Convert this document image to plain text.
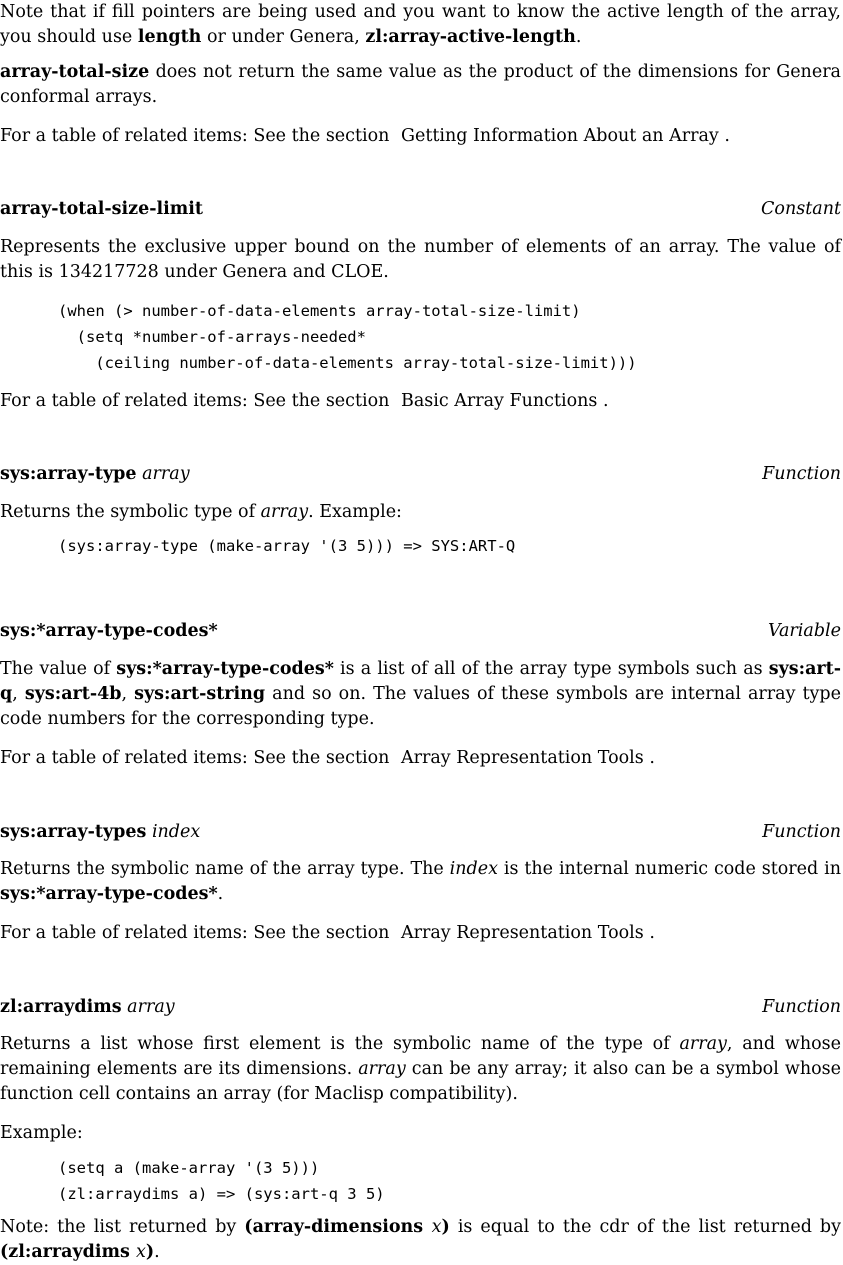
Note that if fill pointers are being used and you want to know the active length of the array, you should use length or under Genera, zl:array-active-length.

array-total-size does not return the same value as the product of the dimensions for Genera conformal arrays.

For a table of related items: See the section Getting Information About an Array .

array-total-size-limit	Constant

Represents the exclusive upper bound on the number of elements of an array. The value of this is 134217728 under Genera and CLOE.

(when (> number-of-data-elements array-total-size-limit)
(setq *number-of-arrays-needed*
(ceiling number-of-data-elements array-total-size-limit)))

For a table of related items: See the section Basic Array Functions .

sys:array-type array	Function

Returns the symbolic type of array. Example:

(sys:array-type (make-array '(3 5))) => SYS:ART-Q
sys:*array-type-codes*	Variable

The value of sys:*array-type-codes* is a list of all of the array type symbols such as sys:art-q, sys:art-4b, sys:art-string and so on. The values of these symbols are internal array type code numbers for the corresponding type.

For a table of related items: See the section Array Representation Tools .

sys:array-types index	Function

Returns the symbolic name of the array type. The index is the internal numeric code stored in sys:*array-type-codes*.

For a table of related items: See the section Array Representation Tools .

zl:arraydims array	Function

Returns a list whose first element is the symbolic name of the type of array, and whose remaining elements are its dimensions. array can be any array; it also can be a symbol whose function cell contains an array (for Maclisp compatibility).

Example:

(setq a (make-array '(3 5)))
(zl:arraydims a) => (sys:art-q 3 5)

Note: the list returned by (array-dimensions x) is equal to the cdr of the list returned by (zl:arraydims x).
